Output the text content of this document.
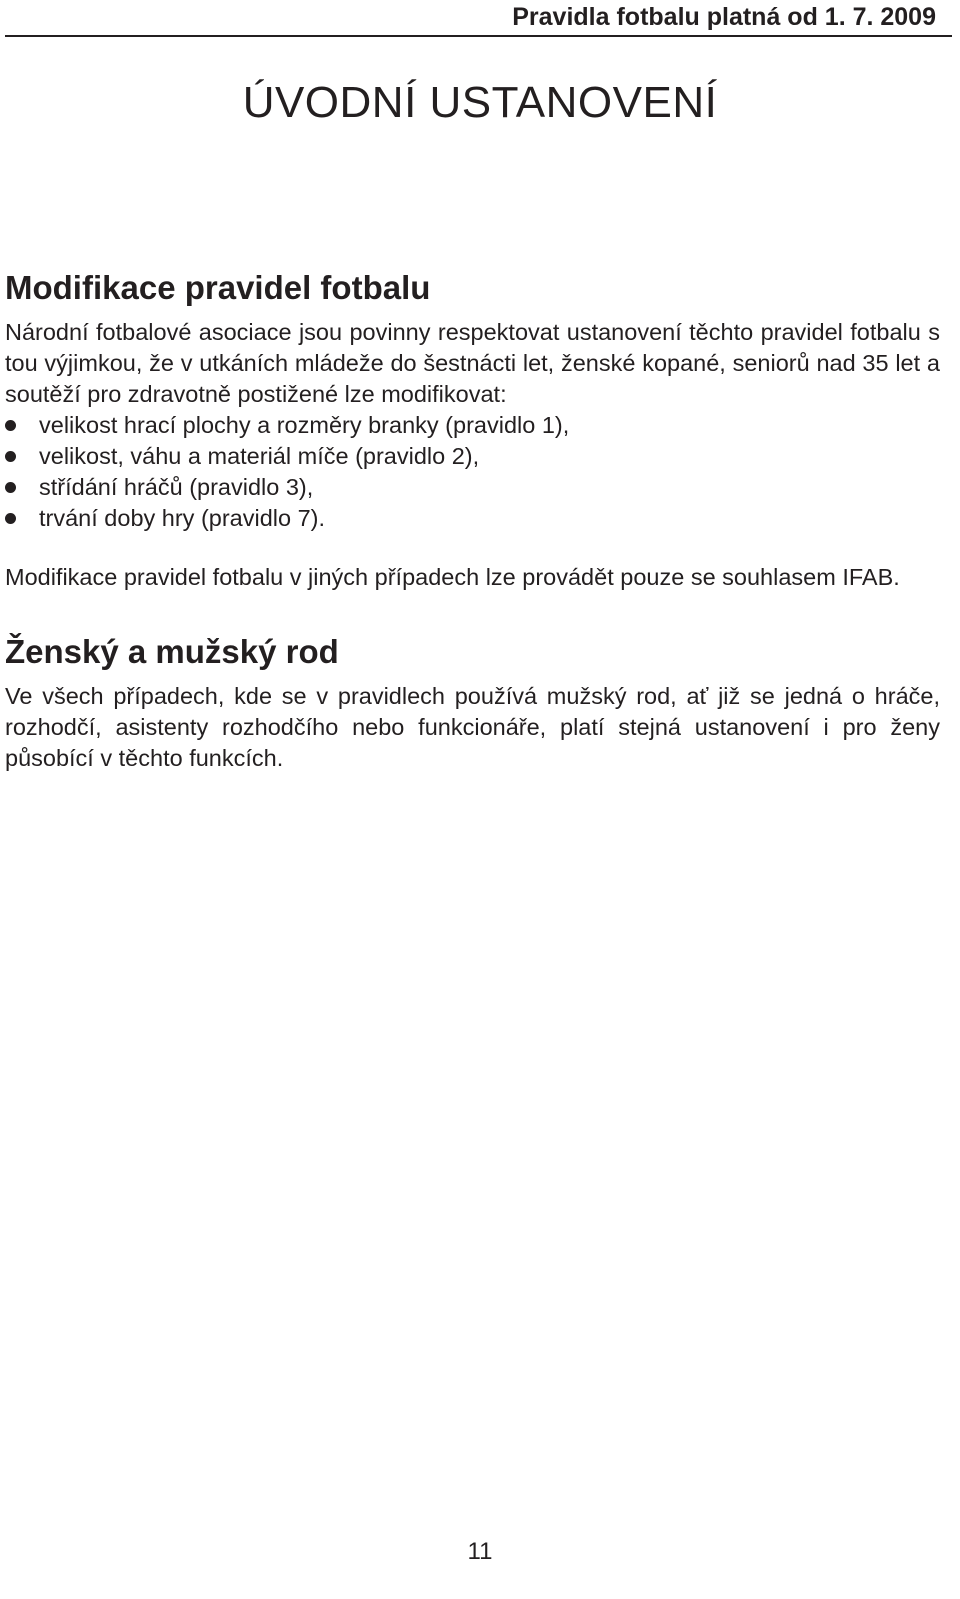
Pravidla fotbalu platná od 1. 7. 2009
ÚVODNÍ USTANOVENÍ
Modifikace pravidel fotbalu

Národní fotbalové asociace jsou povinny respektovat ustanovení těchto pravidel fotbalu s tou výjimkou, že v utkáních mládeže do šestnácti let, ženské kopané, seniorů nad 35 let a soutěží pro zdravotně postižené lze modifikovat:

velikost hrací plochy a rozměry branky (pravidlo 1),
velikost, váhu a materiál míče (pravidlo 2),
střídání hráčů (pravidlo 3),
trvání doby hry (pravidlo 7).

Modifikace pravidel fotbalu v jiných případech lze provádět pouze se souhlasem IFAB.

Ženský a mužský rod

Ve všech případech, kde se v pravidlech používá mužský rod, ať již se jedná o hráče, rozhodčí, asistenty rozhodčího nebo funkcionáře, platí stejná ustanovení i pro ženy působící v těchto funkcích.

11
